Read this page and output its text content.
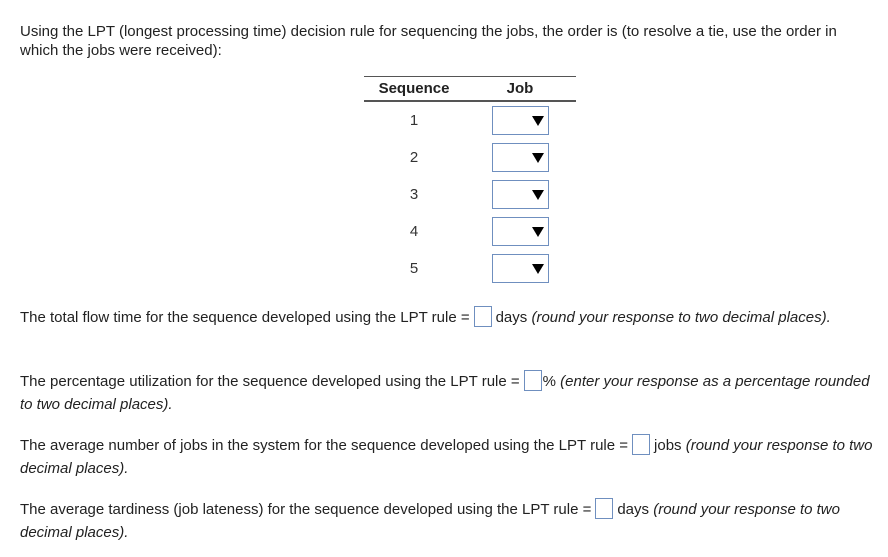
Using the LPT (longest processing time) decision rule for sequencing the jobs, the order is (to resolve a tie, use the order in which the jobs were received):
Sequence	Job
1
2
3
4
5
The total flow time for the sequence developed using the LPT rule = days (round your response to two decimal places).
The percentage utilization for the sequence developed using the LPT rule = % (enter your response as a percentage rounded to two decimal places).
The average number of jobs in the system for the sequence developed using the LPT rule = jobs (round your response to two decimal places).
The average tardiness (job lateness) for the sequence developed using the LPT rule = days (round your response to two decimal places).
